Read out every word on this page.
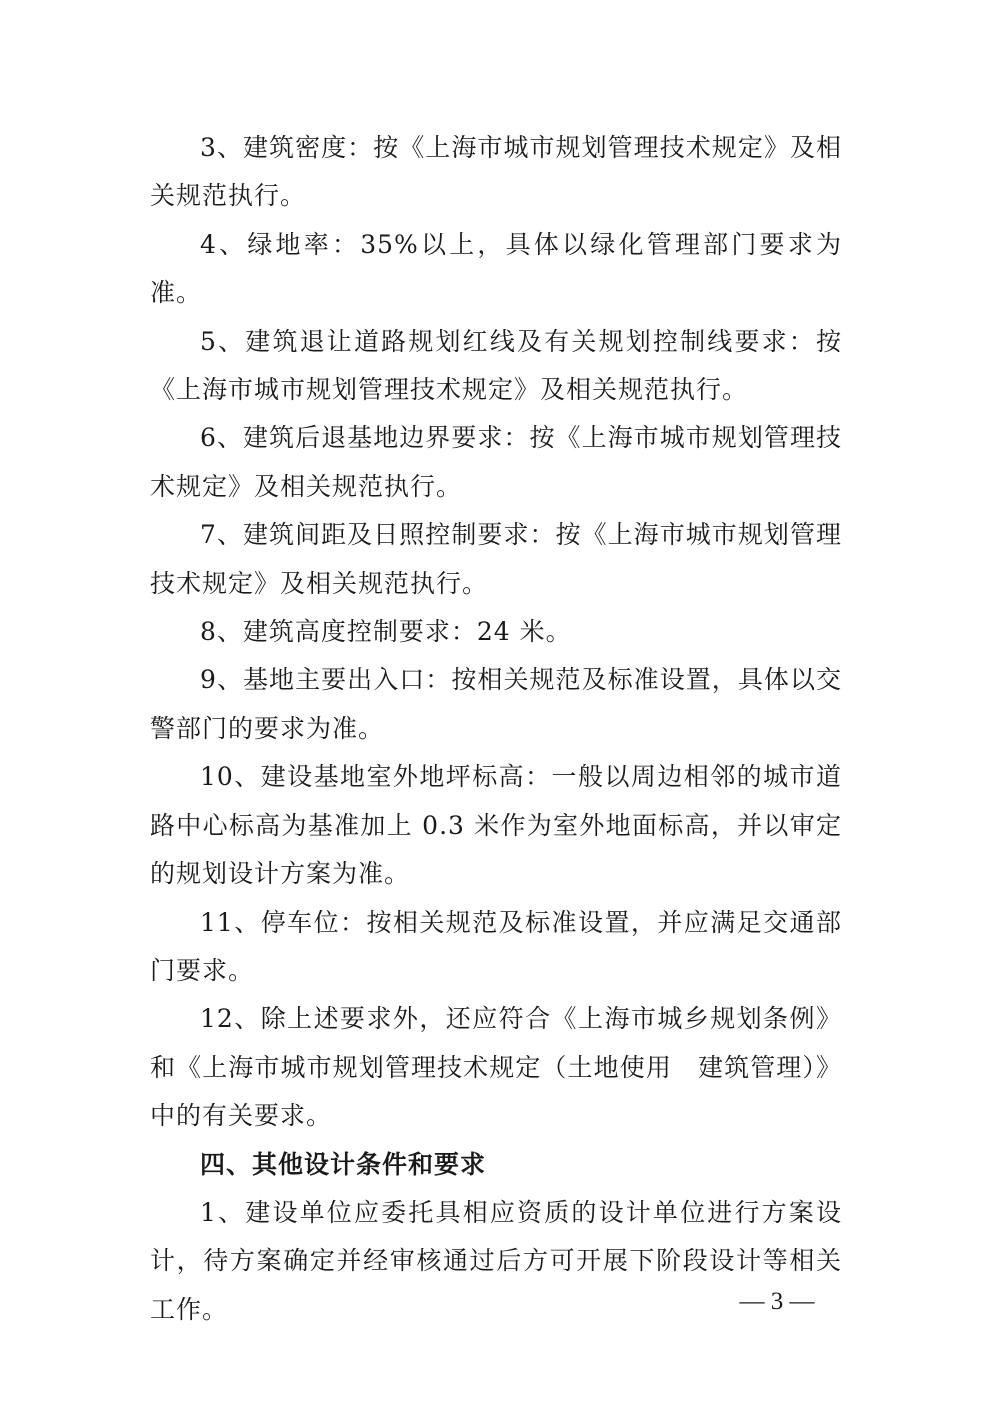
3、建筑密度：按《上海市城市规划管理技术规定》及相关规范执行。

4、绿地率：35%以上，具体以绿化管理部门要求为准。

5、建筑退让道路规划红线及有关规划控制线要求：按《上海市城市规划管理技术规定》及相关规范执行。

6、建筑后退基地边界要求：按《上海市城市规划管理技术规定》及相关规范执行。

7、建筑间距及日照控制要求：按《上海市城市规划管理技术规定》及相关规范执行。

8、建筑高度控制要求：24 米。

9、基地主要出入口：按相关规范及标准设置，具体以交警部门的要求为准。

10、建设基地室外地坪标高：一般以周边相邻的城市道路中心标高为基准加上 0.3 米作为室外地面标高，并以审定的规划设计方案为准。

11、停车位：按相关规范及标准设置，并应满足交通部门要求。

12、除上述要求外，还应符合《上海市城乡规划条例》和《上海市城市规划管理技术规定（土地使用　建筑管理）》中的有关要求。

四、其他设计条件和要求

1、建设单位应委托具相应资质的设计单位进行方案设计，待方案确定并经审核通过后方可开展下阶段设计等相关工作。	— 3 —
